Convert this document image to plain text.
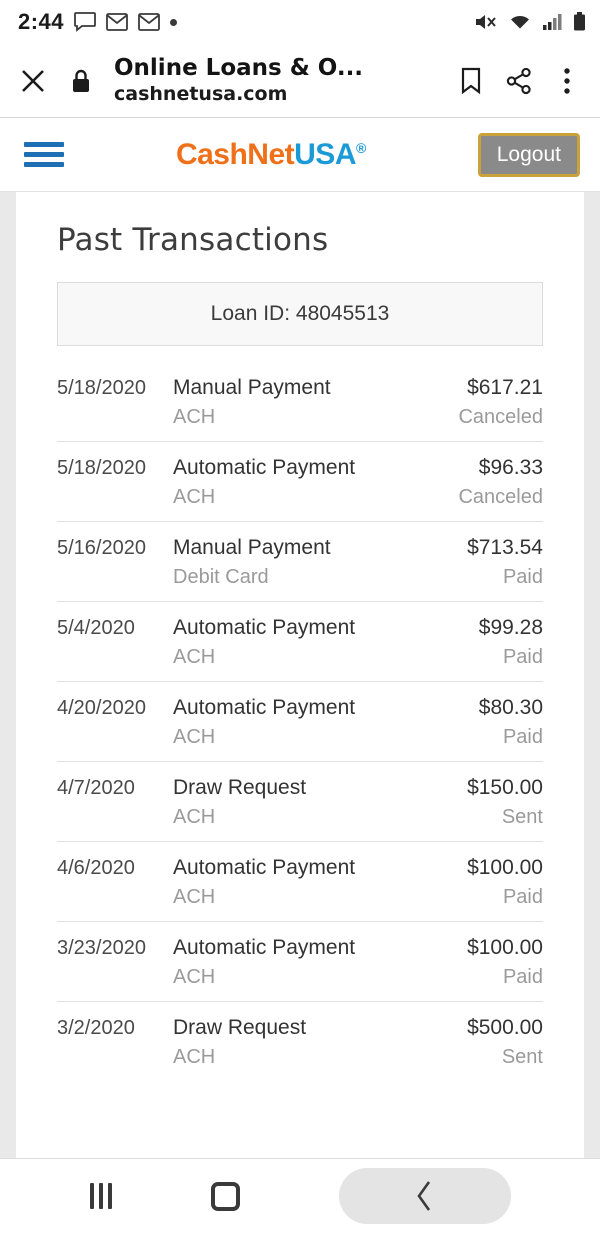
2:44
Online Loans & O...
cashnetusa.com
CashNetUSA®	Logout
Past Transactions
Loan ID: 48045513
5/18/2020	Manual Payment	$617.21
ACH	Canceled
5/18/2020	Automatic Payment	$96.33
ACH	Canceled
5/16/2020	Manual Payment	$713.54
Debit Card	Paid
5/4/2020	Automatic Payment	$99.28
ACH	Paid
4/20/2020	Automatic Payment	$80.30
ACH	Paid
4/7/2020	Draw Request	$150.00
ACH	Sent
4/6/2020	Automatic Payment	$100.00
ACH	Paid
3/23/2020	Automatic Payment	$100.00
ACH	Paid
3/2/2020	Draw Request	$500.00
ACH	Sent
